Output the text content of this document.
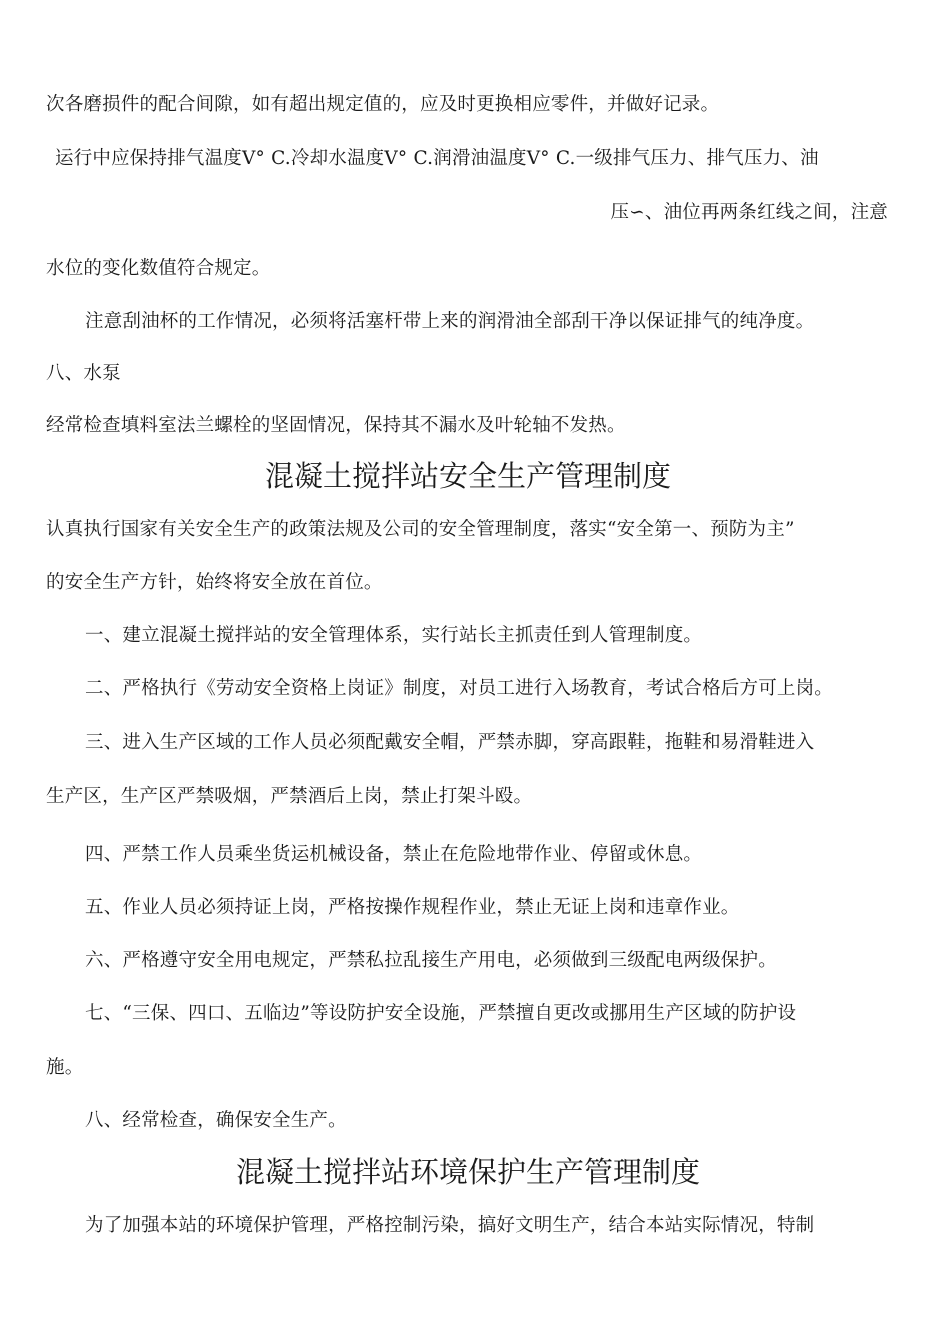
次各磨损件的配合间隙，如有超出规定值的，应及时更换相应零件，并做好记录。
运行中应保持排气温度V° C.冷却水温度V° C.润滑油温度V° C.一级排气压力、排气压力、油
压∽、油位再两条红线之间，注意
水位的变化数值符合规定。
注意刮油杯的工作情况，必须将活塞杆带上来的润滑油全部刮干净以保证排气的纯净度。
八、水泵
经常检查填料室法兰螺栓的坚固情况，保持其不漏水及叶轮轴不发热。
混凝土搅拌站安全生产管理制度
认真执行国家有关安全生产的政策法规及公司的安全管理制度，落实“安全第一、预防为主”
的安全生产方针，始终将安全放在首位。
一、建立混凝土搅拌站的安全管理体系，实行站长主抓责任到人管理制度。
二、严格执行《劳动安全资格上岗证》制度，对员工进行入场教育，考试合格后方可上岗。
三、进入生产区域的工作人员必须配戴安全帽，严禁赤脚，穿高跟鞋，拖鞋和易滑鞋进入
生产区，生产区严禁吸烟，严禁酒后上岗，禁止打架斗殴。
四、严禁工作人员乘坐货运机械设备，禁止在危险地带作业、停留或休息。
五、作业人员必须持证上岗，严格按操作规程作业，禁止无证上岗和违章作业。
六、严格遵守安全用电规定，严禁私拉乱接生产用电，必须做到三级配电两级保护。
七、“三保、四口、五临边”等设防护安全设施，严禁擅自更改或挪用生产区域的防护设
施。
八、经常检查，确保安全生产。
混凝土搅拌站环境保护生产管理制度
为了加强本站的环境保护管理，严格控制污染，搞好文明生产，结合本站实际情况，特制
